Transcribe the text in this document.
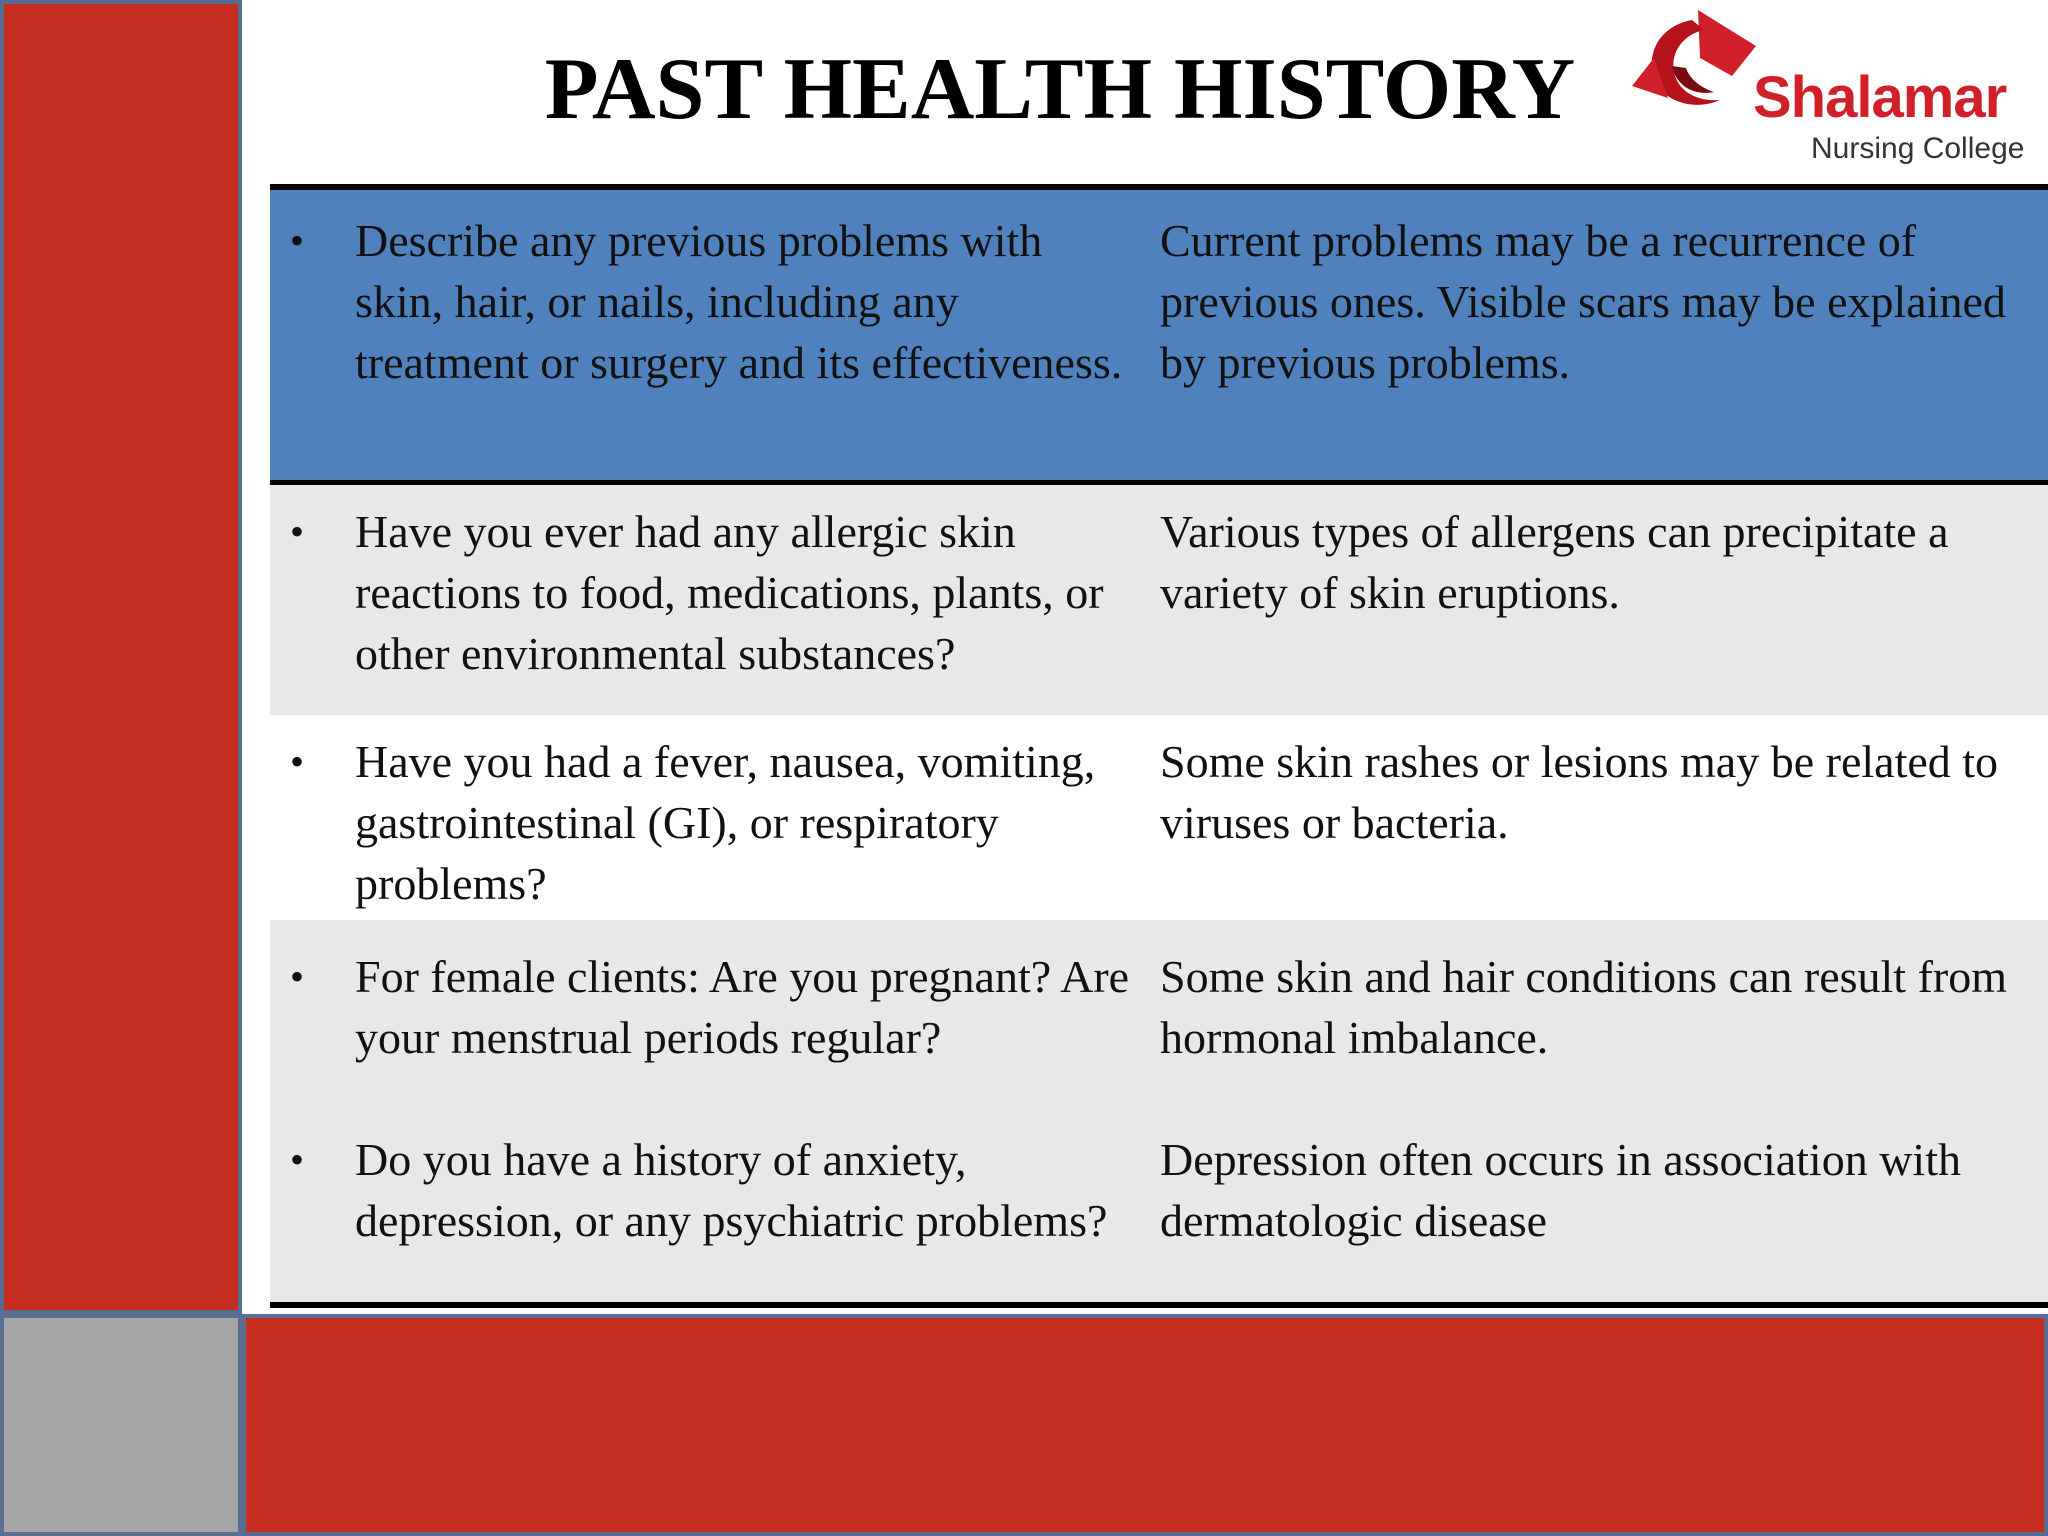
PAST HEALTH HISTORY	Shalamar
Nursing College
• Describe any previous problems with skin, hair, or nails, including any treatment or surgery and its effectiveness.
Current problems may be a recurrence of previous ones. Visible scars may be explained by previous problems.
• Have you ever had any allergic skin reactions to food, medications, plants, or other environmental substances?
Various types of allergens can precipitate a variety of skin eruptions.
• Have you had a fever, nausea, vomiting, gastrointestinal (GI), or respiratory problems?
Some skin rashes or lesions may be related to viruses or bacteria.
• For female clients: Are you pregnant? Are your menstrual periods regular?
Some skin and hair conditions can result from hormonal imbalance.
• Do you have a history of anxiety, depression, or any psychiatric problems?
Depression often occurs in association with dermatologic disease
